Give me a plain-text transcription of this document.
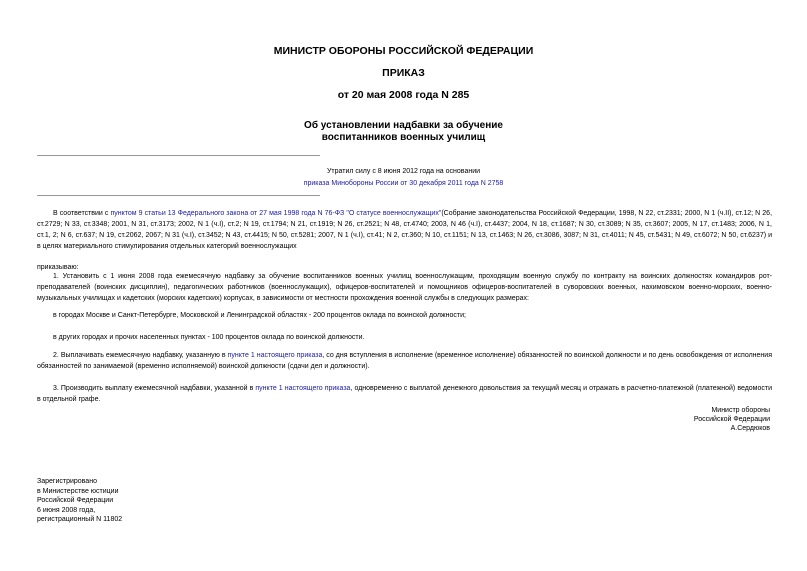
МИНИСТР ОБОРОНЫ РОССИЙСКОЙ ФЕДЕРАЦИИ
ПРИКАЗ
от 20 мая 2008 года N 285
Об установлении надбавки за обучение
воспитанников военных училищ
Утратил силу с 8 июня 2012 года на основании
приказа Минобороны России от 30 декабря 2011 года N 2758

В соответствии с пунктом 9 статьи 13 Федерального закона от 27 мая 1998 года N 76-ФЗ "О статусе военнослужащих"(Собрание законодательства Российской Федерации, 1998, N 22, ст.2331; 2000, N 1 (ч.II), ст.12; N 26, ст.2729; N 33, ст.3348; 2001, N 31, ст.3173; 2002, N 1 (ч.I), ст.2; N 19, ст.1794; N 21, ст.1919; N 26, ст.2521; N 48, ст.4740; 2003, N 46 (ч.I), ст.4437; 2004, N 18, ст.1687; N 30, ст.3089; N 35, ст.3607; 2005, N 17, ст.1483; 2006, N 1, ст.1, 2; N 6, ст.637; N 19, ст.2062, 2067; N 31 (ч.I), ст.3452; N 43, ст.4415; N 50, ст.5281; 2007, N 1 (ч.I), ст.41; N 2, ст.360; N 10, ст.1151; N 13, ст.1463; N 26, ст.3086, 3087; N 31, ст.4011; N 45, ст.5431; N 49, ст.6072; N 50, ст.6237) и в целях материального стимулирования отдельных категорий военнослужащих

приказываю:

1. Установить с 1 июня 2008 года ежемесячную надбавку за обучение воспитанников военных училищ военнослужащим, проходящим военную службу по контракту на воинских должностях командиров рот-преподавателей (воинских дисциплин), педагогических работников (военнослужащих), офицеров-воспитателей и помощников офицеров-воспитателей в суворовских военных, нахимовском военно-морских, военно-музыкальных училищах и кадетских (морских кадетских) корпусах, в зависимости от местности прохождения военной службы в следующих размерах:

в городах Москве и Санкт-Петербурге, Московской и Ленинградской областях - 200 процентов оклада по воинской должности;

в других городах и прочих населенных пунктах - 100 процентов оклада по воинской должности.

2. Выплачивать ежемесячную надбавку, указанную в пункте 1 настоящего приказа, со дня вступления в исполнение (временное исполнение) обязанностей по воинской должности и по день освобождения от исполнения обязанностей по занимаемой (временно исполняемой) воинской должности (сдачи дел и должности).

3. Производить выплату ежемесячной надбавки, указанной в пункте 1 настоящего приказа, одновременно с выплатой денежного довольствия за текущий месяц и отражать в расчетно-платежной (платежной) ведомости в отдельной графе.

Министр обороны
Российской Федерации
А.Сердюков
Зарегистрировано
в Министерстве юстиции
Российской Федерации
6 июня 2008 года,
регистрационный N 11802
